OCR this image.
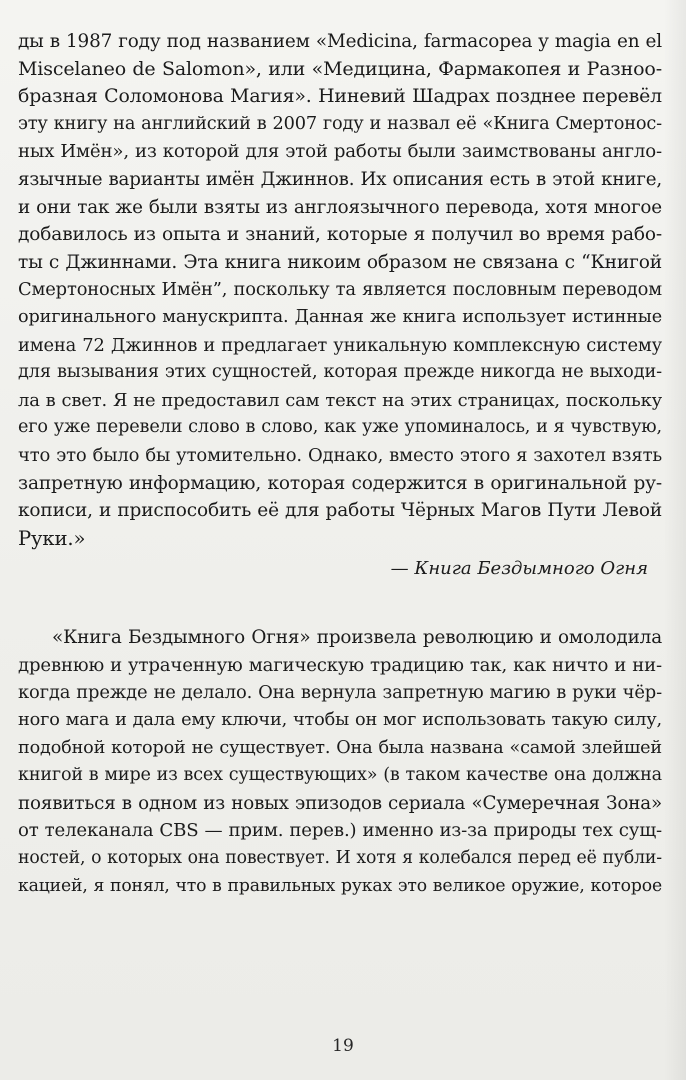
ды в 1987 году под названием «Medicina, farmacopea y magia en el
Miscelaneo de Salomon», или «Медицина, Фармакопея и Разноо-
бразная Соломонова Магия». Ниневий Шадрах позднее перевёл
эту книгу на английский в 2007 году и назвал её «Книга Смертонос-
ных Имён», из которой для этой работы были заимствованы англо-
язычные варианты имён Джиннов. Их описания есть в этой книге,
и они так же были взяты из англоязычного перевода, хотя многое
добавилось из опыта и знаний, которые я получил во время рабо-
ты с Джиннами. Эта книга никоим образом не связана с “Книгой
Смертоносных Имён”, поскольку та является пословным переводом
оригинального манускрипта. Данная же книга использует истинные
имена 72 Джиннов и предлагает уникальную комплексную систему
для вызывания этих сущностей, которая прежде никогда не выходи-
ла в свет. Я не предоставил сам текст на этих страницах, поскольку
его уже перевели слово в слово, как уже упоминалось, и я чувствую,
что это было бы утомительно. Однако, вместо этого я захотел взять
запретную информацию, которая содержится в оригинальной ру-
кописи, и приспособить её для работы Чёрных Магов Пути Левой
Руки.»

— Книга Бездымного Огня

«Книга Бездымного Огня» произвела революцию и омолодила
древнюю и утраченную магическую традицию так, как ничто и ни-
когда прежде не делало. Она вернула запретную магию в руки чёр-
ного мага и дала ему ключи, чтобы он мог использовать такую силу,
подобной которой не существует. Она была названа «самой злейшей
книгой в мире из всех существующих» (в таком качестве она должна
появиться в одном из новых эпизодов сериала «Сумеречная Зона»
от телеканала CBS — прим. перев.) именно из-за природы тех сущ-
ностей, о которых она повествует. И хотя я колебался перед её публи-
кацией, я понял, что в правильных руках это великое оружие, которое

19
